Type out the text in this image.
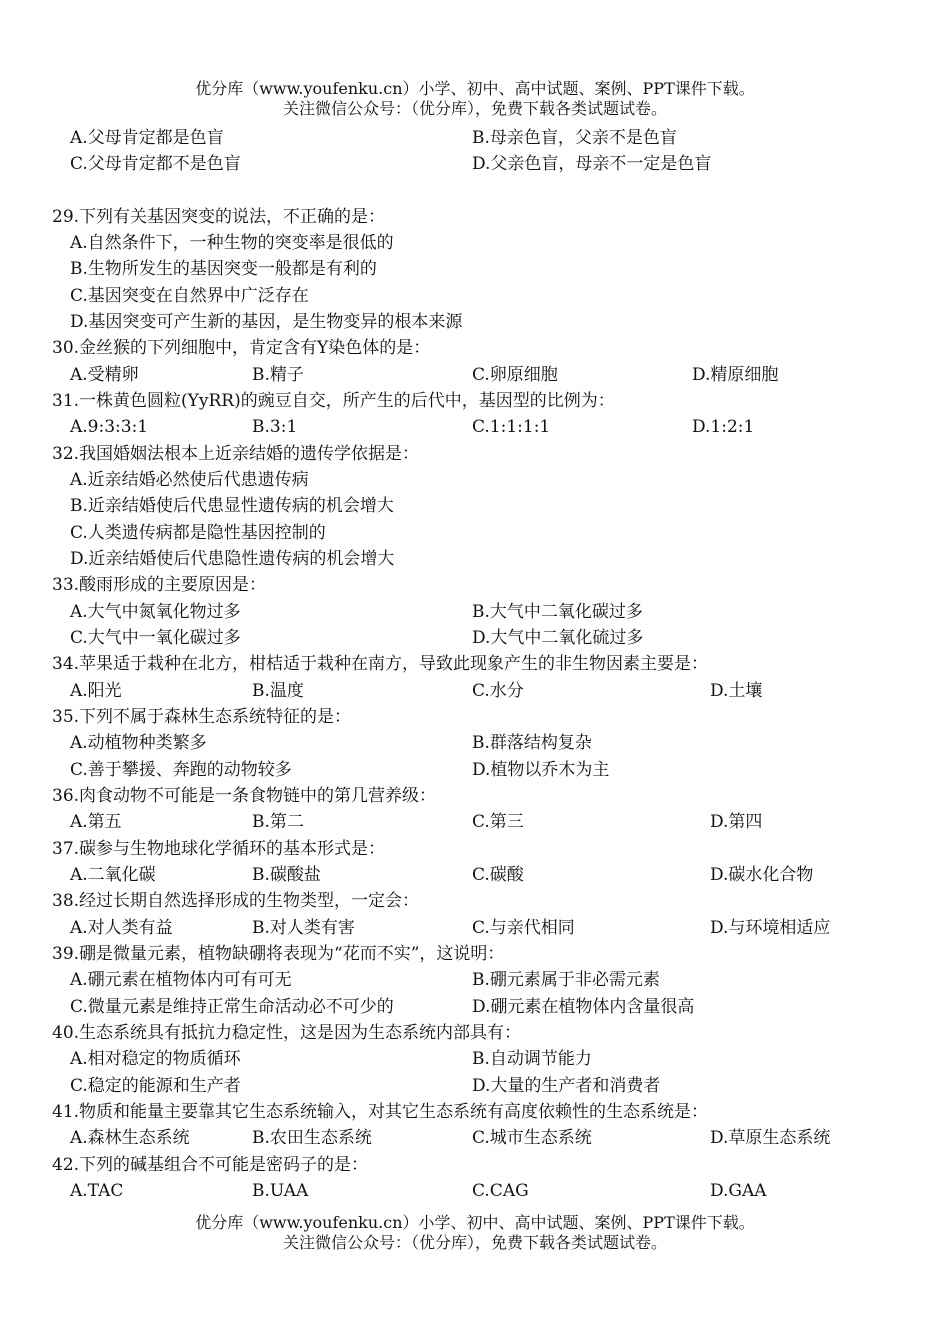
优分库（www.youfenku.cn）小学、初中、高中试题、案例、PPT课件下载。
关注微信公众号：（优分库），免费下载各类试题试卷。
A.父母肯定都是色盲	B.母亲色盲，父亲不是色盲
C.父母肯定都不是色盲	D.父亲色盲，母亲不一定是色盲
29.下列有关基因突变的说法，不正确的是：
A.自然条件下，一种生物的突变率是很低的
B.生物所发生的基因突变一般都是有利的
C.基因突变在自然界中广泛存在
D.基因突变可产生新的基因，是生物变异的根本来源
30.金丝猴的下列细胞中，肯定含有Y染色体的是：
A.受精卵	B.精子	C.卵原细胞	D.精原细胞
31.一株黄色圆粒(YyRR)的豌豆自交，所产生的后代中，基因型的比例为：
A.9:3:3:1	B.3:1	C.1:1:1:1	D.1:2:1
32.我国婚姻法根本上近亲结婚的遗传学依据是：
A.近亲结婚必然使后代患遗传病
B.近亲结婚使后代患显性遗传病的机会增大
C.人类遗传病都是隐性基因控制的
D.近亲结婚使后代患隐性遗传病的机会增大
33.酸雨形成的主要原因是：
A.大气中氮氧化物过多	B.大气中二氧化碳过多
C.大气中一氧化碳过多	D.大气中二氧化硫过多
34.苹果适于栽种在北方，柑桔适于栽种在南方，导致此现象产生的非生物因素主要是：
A.阳光	B.温度	C.水分	D.土壤
35.下列不属于森林生态系统特征的是：
A.动植物种类繁多	B.群落结构复杂
C.善于攀援、奔跑的动物较多	D.植物以乔木为主
36.肉食动物不可能是一条食物链中的第几营养级：
A.第五	B.第二	C.第三	D.第四
37.碳参与生物地球化学循环的基本形式是：
A.二氧化碳	B.碳酸盐	C.碳酸	D.碳水化合物
38.经过长期自然选择形成的生物类型，一定会：
A.对人类有益	B.对人类有害	C.与亲代相同	D.与环境相适应
39.硼是微量元素，植物缺硼将表现为“花而不实”，这说明：
A.硼元素在植物体内可有可无	B.硼元素属于非必需元素
C.微量元素是维持正常生命活动必不可少的	D.硼元素在植物体内含量很高
40.生态系统具有抵抗力稳定性，这是因为生态系统内部具有：
A.相对稳定的物质循环	B.自动调节能力
C.稳定的能源和生产者	D.大量的生产者和消费者
41.物质和能量主要靠其它生态系统输入，对其它生态系统有高度依赖性的生态系统是：
A.森林生态系统	B.农田生态系统	C.城市生态系统	D.草原生态系统
42.下列的碱基组合不可能是密码子的是：
A.TAC	B.UAA	C.CAG	D.GAA
优分库（www.youfenku.cn）小学、初中、高中试题、案例、PPT课件下载。
关注微信公众号：（优分库），免费下载各类试题试卷。
